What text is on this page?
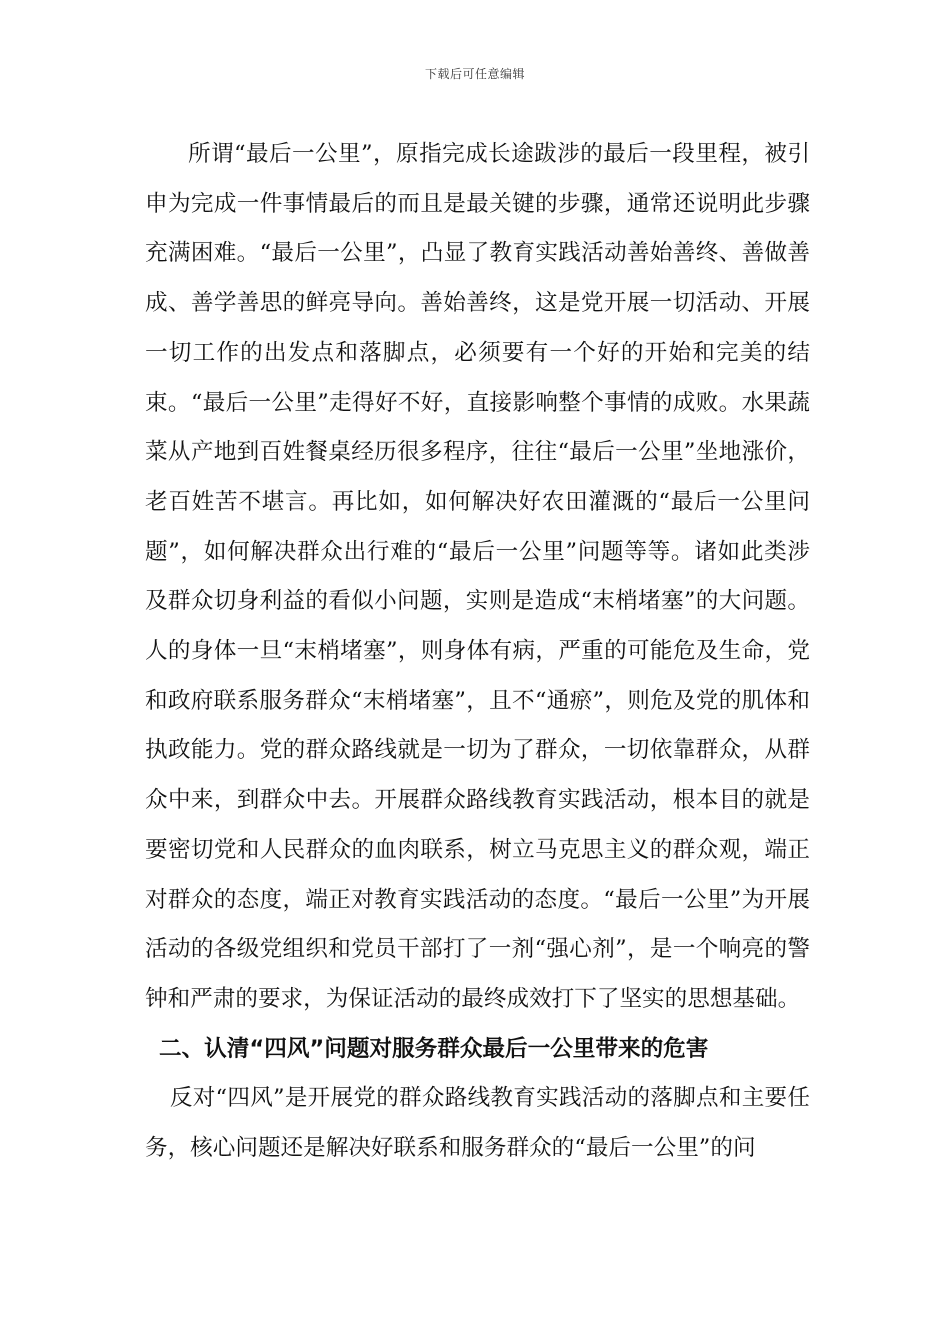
下载后可任意编辑

所谓“最后一公里”，原指完成长途跋涉的最后一段里程，被引申为完成一件事情最后的而且是最关键的步骤，通常还说明此步骤充满困难。“最后一公里”，凸显了教育实践活动善始善终、善做善成、善学善思的鲜亮导向。善始善终，这是党开展一切活动、开展一切工作的出发点和落脚点，必须要有一个好的开始和完美的结束。“最后一公里”走得好不好，直接影响整个事情的成败。水果蔬菜从产地到百姓餐桌经历很多程序，往往“最后一公里”坐地涨价，老百姓苦不堪言。再比如，如何解决好农田灌溉的“最后一公里问题”，如何解决群众出行难的“最后一公里”问题等等。诸如此类涉及群众切身利益的看似小问题，实则是造成“末梢堵塞”的大问题。人的身体一旦“末梢堵塞”，则身体有病，严重的可能危及生命，党和政府联系服务群众“末梢堵塞”，且不“通瘀”，则危及党的肌体和执政能力。党的群众路线就是一切为了群众，一切依靠群众，从群众中来，到群众中去。开展群众路线教育实践活动，根本目的就是要密切党和人民群众的血肉联系，树立马克思主义的群众观，端正对群众的态度，端正对教育实践活动的态度。“最后一公里”为开展活动的各级党组织和党员干部打了一剂“强心剂”，是一个响亮的警钟和严肃的要求，为保证活动的最终成效打下了坚实的思想基础。

二、认清“四风”问题对服务群众最后一公里带来的危害

反对“四风”是开展党的群众路线教育实践活动的落脚点和主要任务，核心问题还是解决好联系和服务群众的“最后一公里”的问
